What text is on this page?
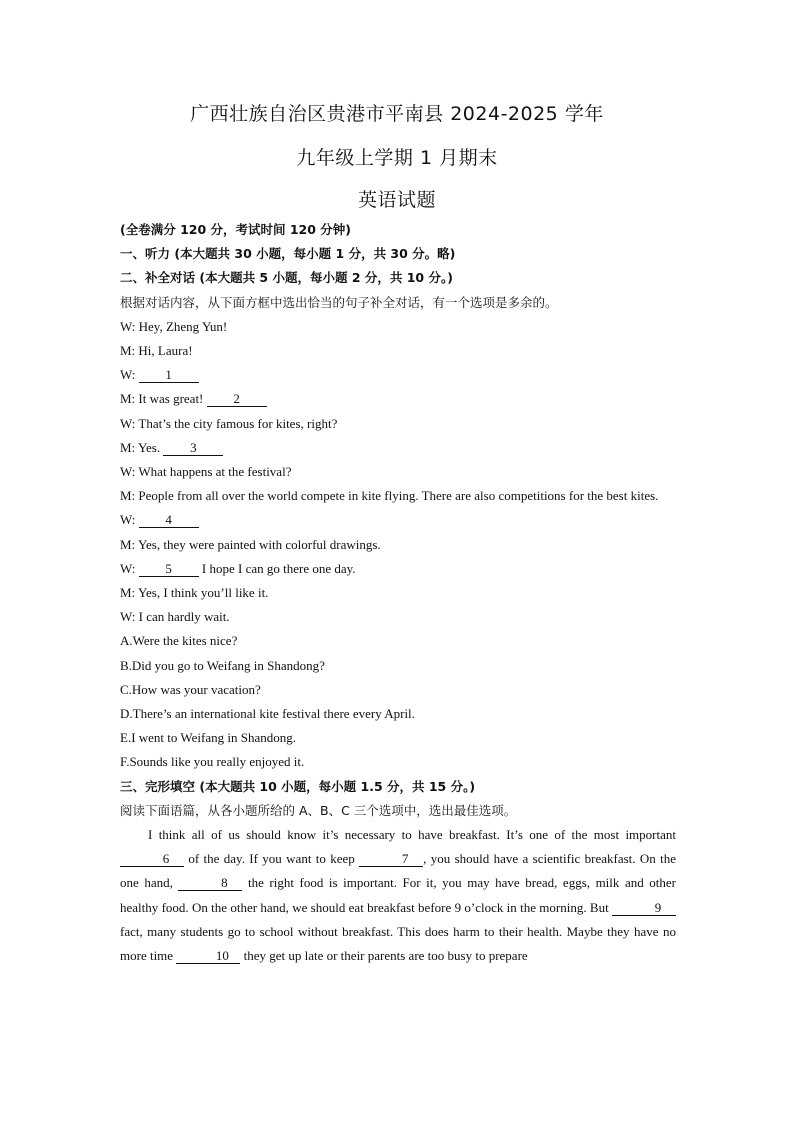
广西壮族自治区贵港市平南县 2024-2025 学年
九年级上学期 1 月期末
英语试题

(全卷满分 120 分，考试时间 120 分钟)

一、听力 (本大题共 30 小题，每小题 1 分，共 30 分。略)

二、补全对话 (本大题共 5 小题，每小题 2 分，共 10 分。)

根据对话内容，从下面方框中选出恰当的句子补全对话，有一个选项是多余的。

W: Hey, Zheng Yun!

M: Hi, Laura!

W: 1

M: It was great! 2

W: That’s the city famous for kites, right?

M: Yes. 3

W: What happens at the festival?

M: People from all over the world compete in kite flying. There are also competitions for the best kites.

W: 4

M: Yes, they were painted with colorful drawings.

W: 5 I hope I can go there one day.

M: Yes, I think you’ll like it.

W: I can hardly wait.

A.Were the kites nice?

B.Did you go to Weifang in Shandong?

C.How was your vacation?

D.There’s an international kite festival there every April.

E.I went to Weifang in Shandong.

F.Sounds like you really enjoyed it.

三、完形填空 (本大题共 10 小题，每小题 1.5 分，共 15 分。)

阅读下面语篇，从各小题所给的 A、B、C 三个选项中，选出最佳选项。

I think all of us should know it’s necessary to have breakfast. It’s one of the most important 6 of the day. If you want to keep	7 , you should have a scientific breakfast. On the one hand,	8 the right food is important. For it, you may have bread, eggs, milk and other healthy food. On the other hand, we should eat breakfast before 9 o’clock in the morning. But	9 fact, many students go to school without breakfast. This does harm to their health. Maybe they have no more time	10 they get up late or their parents are too busy to prepare
